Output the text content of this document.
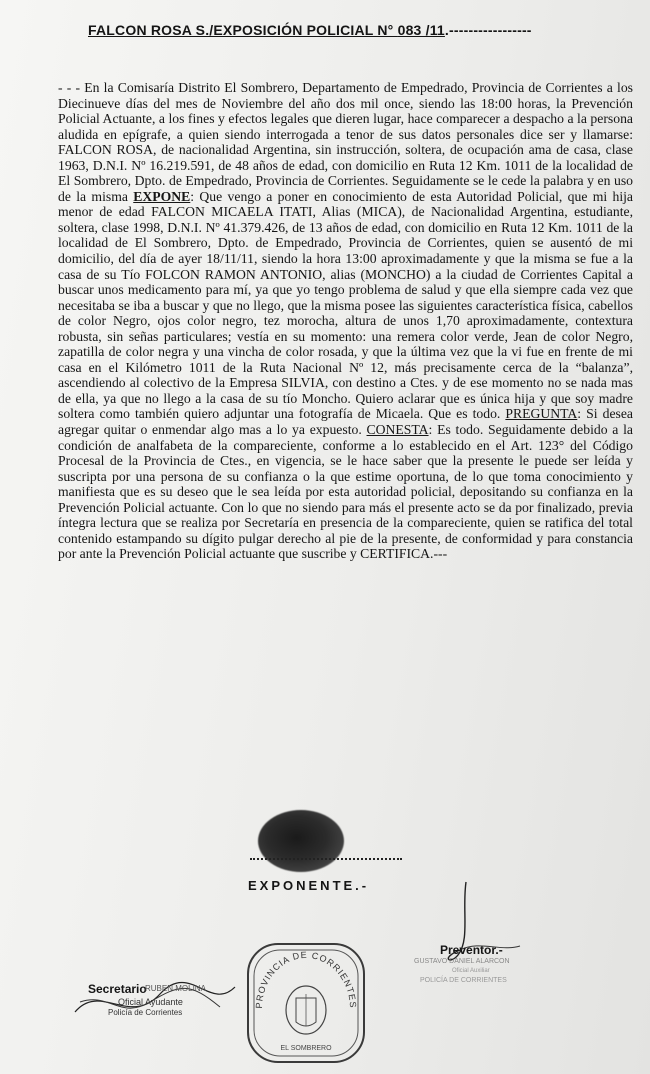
FALCON ROSA S./EXPOSICIÓN POLICIAL N° 083 /11.-----------------

- - - En la Comisaría Distrito El Sombrero, Departamento de Empedrado, Provincia de Corrientes a los Diecinueve días del mes de Noviembre del año dos mil once, siendo las 18:00 horas, la Prevención Policial Actuante, a los fines y efectos legales que dieren lugar, hace comparecer a despacho a la persona aludida en epígrafe, a quien siendo interrogada a tenor de sus datos personales dice ser y llamarse: FALCON ROSA, de nacionalidad Argentina, sin instrucción, soltera, de ocupación ama de casa, clase 1963, D.N.I. Nº 16.219.591, de 48 años de edad, con domicilio en Ruta 12 Km. 1011 de la localidad de El Sombrero, Dpto. de Empedrado, Provincia de Corrientes. Seguidamente se le cede la palabra y en uso de la misma EXPONE: Que vengo a poner en conocimiento de esta Autoridad Policial, que mi hija menor de edad FALCON MICAELA ITATI, Alias (MICA), de Nacionalidad Argentina, estudiante, soltera, clase 1998, D.N.I. Nº 41.379.426, de 13 años de edad, con domicilio en Ruta 12 Km. 1011 de la localidad de El Sombrero, Dpto. de Empedrado, Provincia de Corrientes, quien se ausentó de mi domicilio, del día de ayer 18/11/11, siendo la hora 13:00 aproximadamente y que la misma se fue a la casa de su Tío FOLCON RAMON ANTONIO, alias (MONCHO) a la ciudad de Corrientes Capital a buscar unos medicamento para mí, ya que yo tengo problema de salud y que ella siempre cada vez que necesitaba se iba a buscar y que no llego, que la misma posee las siguientes característica física, cabellos de color Negro, ojos color negro, tez morocha, altura de unos 1,70 aproximadamente, contextura robusta, sin señas particulares; vestía en su momento: una remera color verde, Jean de color Negro, zapatilla de color negra y una vincha de color rosada, y que la última vez que la vi fue en frente de mi casa en el Kilómetro 1011 de la Ruta Nacional Nº 12, más precisamente cerca de la “balanza”, ascendiendo al colectivo de la Empresa SILVIA, con destino a Ctes. y de ese momento no se nada mas de ella, ya que no llego a la casa de su tío Moncho. Quiero aclarar que es única hija y que soy madre soltera como también quiero adjuntar una fotografía de Micaela. Que es todo. PREGUNTA: Si desea agregar quitar o enmendar algo mas a lo ya expuesto. CONESTA: Es todo. Seguidamente debido a la condición de analfabeta de la compareciente, conforme a lo establecido en el Art. 123° del Código Procesal de la Provincia de Ctes., en vigencia, se le hace saber que la presente le puede ser leída y suscripta por una persona de su confianza o la que estime oportuna, de lo que toma conocimiento y manifiesta que es su deseo que le sea leída por esta autoridad policial, depositando su confianza en la Prevención Policial actuante. Con lo que no siendo para más el presente acto se da por finalizado, previa íntegra lectura que se realiza por Secretaría en presencia de la compareciente, quien se ratifica del total contenido estampando su dígito pulgar derecho al pie de la presente, de conformidad y para constancia por ante la Prevención Policial actuante que suscribe y CERTIFICA.---

EXPONENTE.-
Secretario
RUBEN MOLINA
Oficial Ayudante
Policía de Corrientes
PROVINCIA DE CORRIENTES
EL SOMBRERO
Preventor.-
GUSTAVO DANIEL ALARCON
Oficial Auxiliar
POLICÍA DE CORRIENTES
